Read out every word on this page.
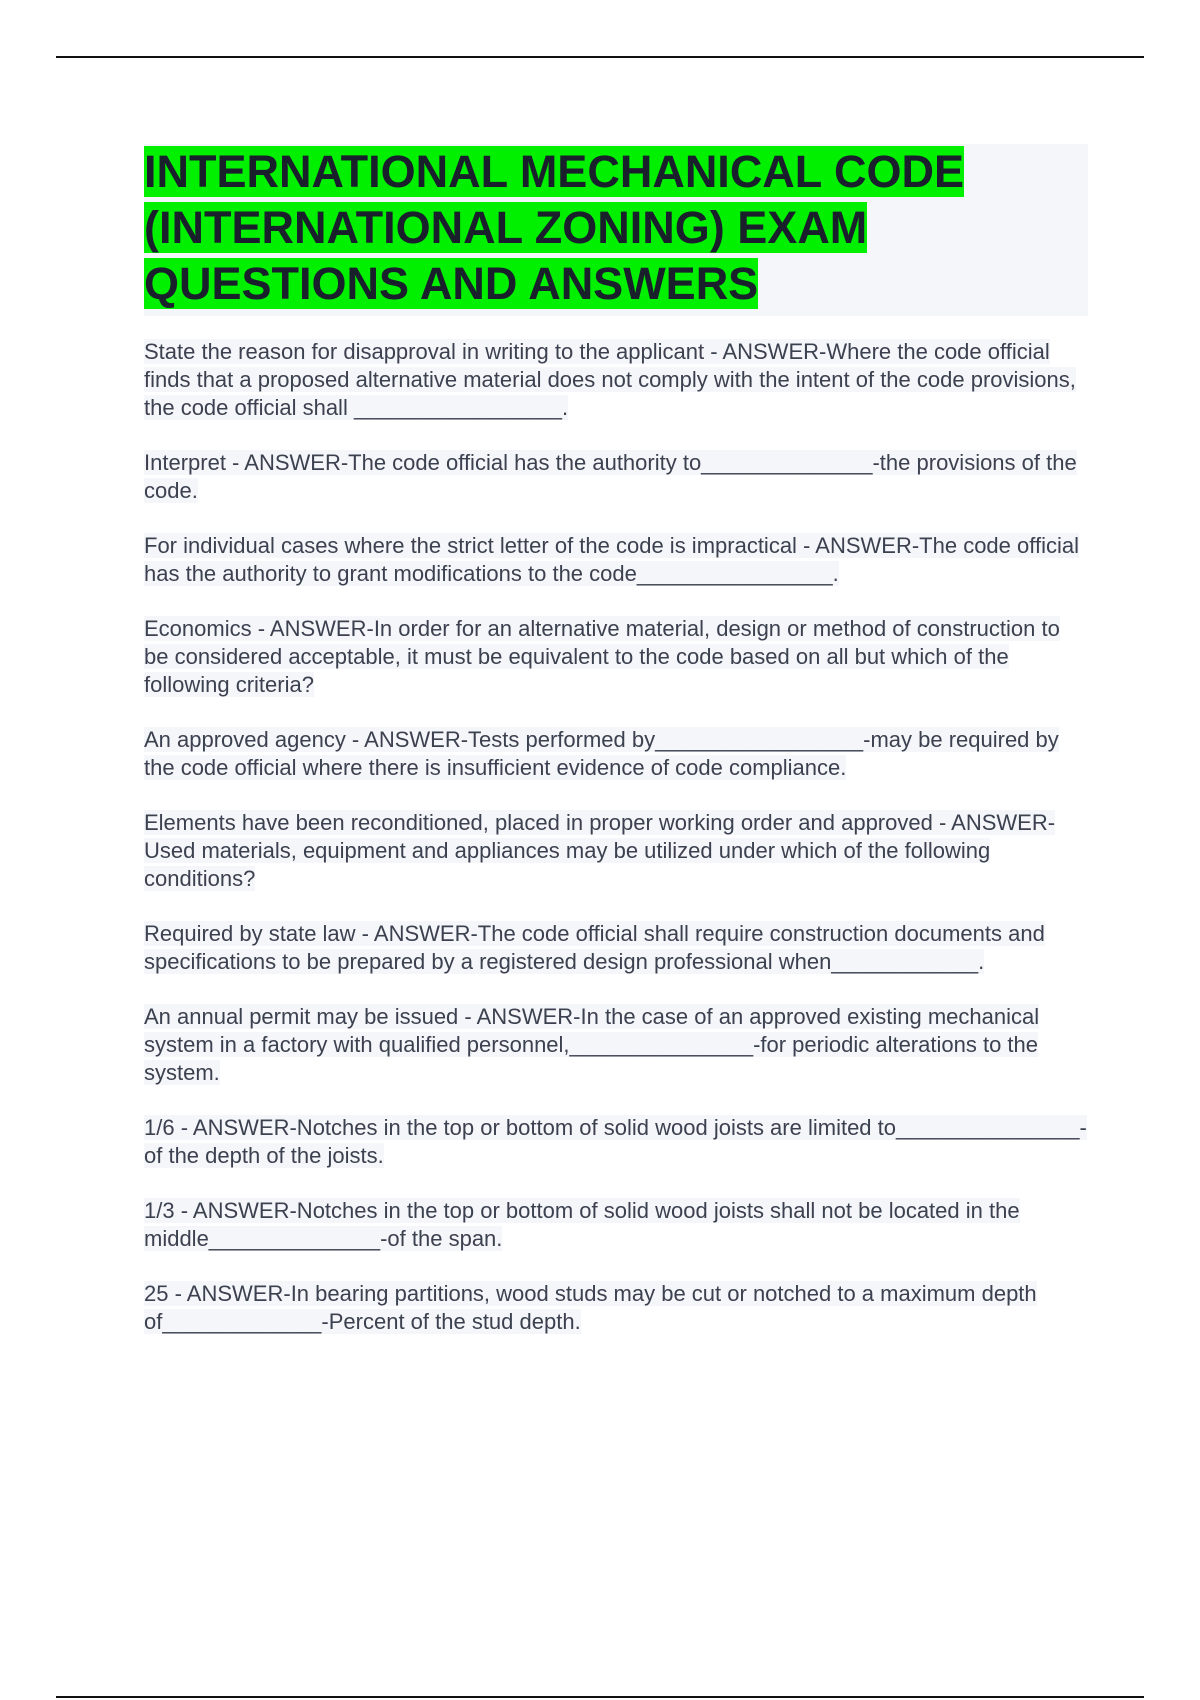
INTERNATIONAL MECHANICAL CODE (INTERNATIONAL ZONING) EXAM QUESTIONS AND ANSWERS

State the reason for disapproval in writing to the applicant - ANSWER-Where the code official finds that a proposed alternative material does not comply with the intent of the code provisions, the code official shall _________________.

Interpret - ANSWER-The code official has the authority to______________-the provisions of the code.

For individual cases where the strict letter of the code is impractical - ANSWER-The code official has the authority to grant modifications to the code________________.

Economics - ANSWER-In order for an alternative material, design or method of construction to be considered acceptable, it must be equivalent to the code based on all but which of the following criteria?

An approved agency - ANSWER-Tests performed by_________________-may be required by the code official where there is insufficient evidence of code compliance.

Elements have been reconditioned, placed in proper working order and approved - ANSWER-Used materials, equipment and appliances may be utilized under which of the following conditions?

Required by state law - ANSWER-The code official shall require construction documents and specifications to be prepared by a registered design professional when____________.

An annual permit may be issued - ANSWER-In the case of an approved existing mechanical system in a factory with qualified personnel,_______________-for periodic alterations to the system.

1/6 - ANSWER-Notches in the top or bottom of solid wood joists are limited to_______________-of the depth of the joists.

1/3 - ANSWER-Notches in the top or bottom of solid wood joists shall not be located in the middle______________-of the span.

25 - ANSWER-In bearing partitions, wood studs may be cut or notched to a maximum depth of_____________-Percent of the stud depth.
